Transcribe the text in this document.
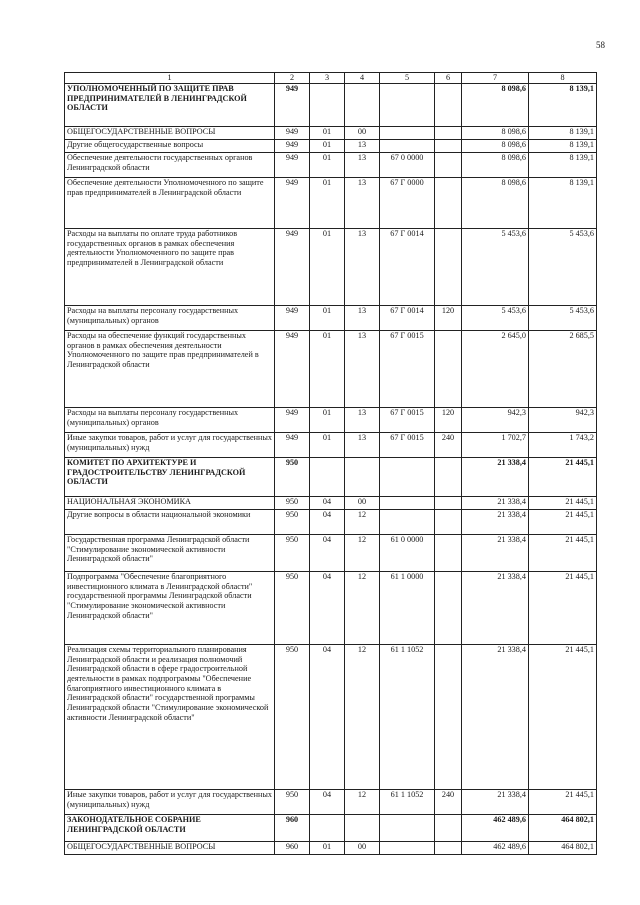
58
1	2	3	4	5	6	7	8
УПОЛНОМОЧЕННЫЙ ПО ЗАЩИТЕ ПРАВ ПРЕДПРИНИМАТЕЛЕЙ В ЛЕНИНГРАДСКОЙ ОБЛАСТИ	949					8 098,6	8 139,1
ОБЩЕГОСУДАРСТВЕННЫЕ ВОПРОСЫ	949	01	00			8 098,6	8 139,1
Другие общегосударственные вопросы	949	01	13			8 098,6	8 139,1
Обеспечение деятельности государственных органов Ленинградской области	949	01	13	67 0 0000		8 098,6	8 139,1
Обеспечение деятельности Уполномоченного по защите прав предпринимателей в Ленинградской области	949	01	13	67 Г 0000		8 098,6	8 139,1
Расходы на выплаты по оплате труда работников государственных органов в рамках обеспечения деятельности Уполномоченного по защите прав предпринимателей в Ленинградской области	949	01	13	67 Г 0014		5 453,6	5 453,6
Расходы на выплаты персоналу государственных (муниципальных) органов	949	01	13	67 Г 0014	120	5 453,6	5 453,6
Расходы на обеспечение функций государственных органов в рамках обеспечения деятельности Уполномоченного по защите прав предпринимателей в Ленинградской области	949	01	13	67 Г 0015		2 645,0	2 685,5
Расходы на выплаты персоналу государственных (муниципальных) органов	949	01	13	67 Г 0015	120	942,3	942,3
Иные закупки товаров, работ и услуг для государственных (муниципальных) нужд	949	01	13	67 Г 0015	240	1 702,7	1 743,2
КОМИТЕТ ПО АРХИТЕКТУРЕ И ГРАДОСТРОИТЕЛЬСТВУ ЛЕНИНГРАДСКОЙ ОБЛАСТИ	950					21 338,4	21 445,1
НАЦИОНАЛЬНАЯ ЭКОНОМИКА	950	04	00			21 338,4	21 445,1
Другие вопросы в области национальной экономики	950	04	12			21 338,4	21 445,1
Государственная программа Ленинградской области "Стимулирование экономической активности Ленинградской области"	950	04	12	61 0 0000		21 338,4	21 445,1
Подпрограмма "Обеспечение благоприятного инвестиционного климата в Ленинградской области" государственной программы Ленинградской области "Стимулирование экономической активности Ленинградской области"	950	04	12	61 1 0000		21 338,4	21 445,1
Реализация схемы территориального планирования Ленинградской области и реализация полномочий Ленинградской области в сфере градостроительной деятельности в рамках подпрограммы "Обеспечение благоприятного инвестиционного климата в Ленинградской области" государственной программы Ленинградской области "Стимулирование экономической активности Ленинградской области"	950	04	12	61 1 1052		21 338,4	21 445,1
Иные закупки товаров, работ и услуг для государственных (муниципальных) нужд	950	04	12	61 1 1052	240	21 338,4	21 445,1
ЗАКОНОДАТЕЛЬНОЕ СОБРАНИЕ ЛЕНИНГРАДСКОЙ ОБЛАСТИ	960					462 489,6	464 802,1
ОБЩЕГОСУДАРСТВЕННЫЕ ВОПРОСЫ	960	01	00			462 489,6	464 802,1
